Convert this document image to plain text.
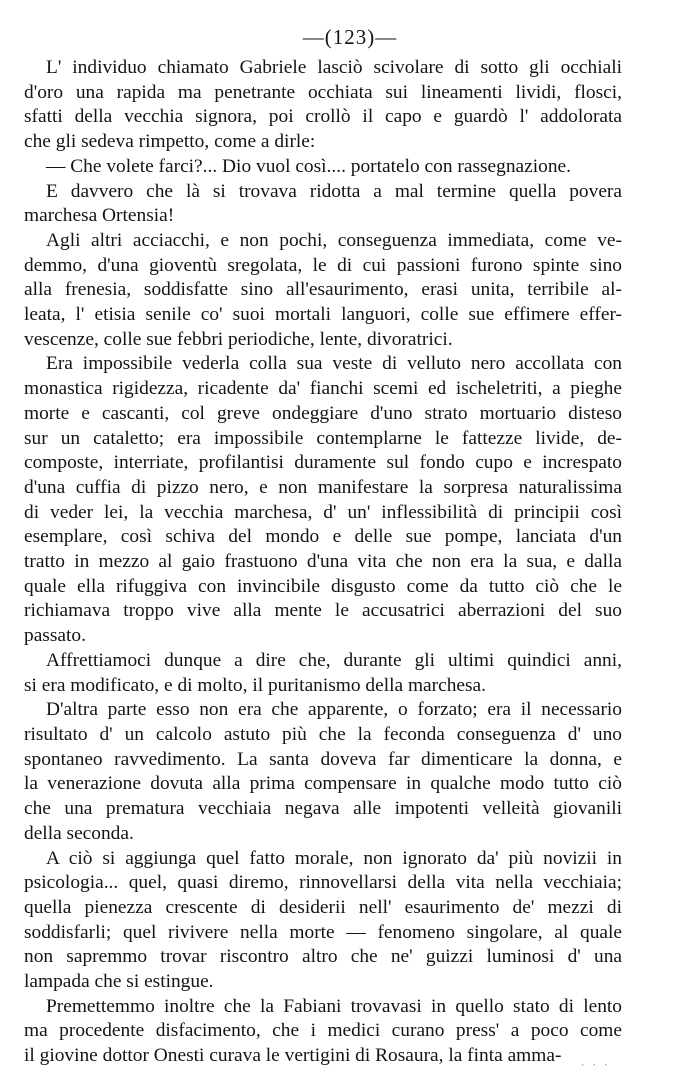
—(123)—
L' individuo chiamato Gabriele lasciò scivolare di sotto gli occhiali
d'oro una rapida ma penetrante occhiata sui lineamenti lividi, flosci,
sfatti della vecchia signora, poi crollò il capo e guardò l' addolorata
che gli sedeva rimpetto, come a dirle:
— Che volete farci?... Dio vuol così.... portatelo con rassegnazione.
E davvero che là si trovava ridotta a mal termine quella povera
marchesa Ortensia!
Agli altri acciacchi, e non pochi, conseguenza immediata, come ve-
demmo, d'una gioventù sregolata, le di cui passioni furono spinte sino
alla frenesia, soddisfatte sino all'esaurimento, erasi unita, terribile al-
leata, l' etisia senile co' suoi mortali languori, colle sue effimere effer-
vescenze, colle sue febbri periodiche, lente, divoratrici.
Era impossibile vederla colla sua veste di velluto nero accollata con
monastica rigidezza, ricadente da' fianchi scemi ed ischeletriti, a pieghe
morte e cascanti, col greve ondeggiare d'uno strato mortuario disteso
sur un cataletto; era impossibile contemplarne le fattezze livide, de-
composte, interriate, profilantisi duramente sul fondo cupo e increspato
d'una cuffia di pizzo nero, e non manifestare la sorpresa naturalissima
di veder lei, la vecchia marchesa, d' un' inflessibilità di principii così
esemplare, così schiva del mondo e delle sue pompe, lanciata d'un
tratto in mezzo al gaio frastuono d'una vita che non era la sua, e dalla
quale ella rifuggiva con invincibile disgusto come da tutto ciò che le
richiamava troppo vive alla mente le accusatrici aberrazioni del suo
passato.
Affrettiamoci dunque a dire che, durante gli ultimi quindici anni,
si era modificato, e di molto, il puritanismo della marchesa.
D'altra parte esso non era che apparente, o forzato; era il necessario
risultato d' un calcolo astuto più che la feconda conseguenza d' uno
spontaneo ravvedimento. La santa doveva far dimenticare la donna, e
la venerazione dovuta alla prima compensare in qualche modo tutto ciò
che una prematura vecchiaia negava alle impotenti velleità giovanili
della seconda.
A ciò si aggiunga quel fatto morale, non ignorato da' più novizii in
psicologia... quel, quasi diremo, rinnovellarsi della vita nella vecchiaia;
quella pienezza crescente di desiderii nell' esaurimento de' mezzi di
soddisfarli; quel rivivere nella morte — fenomeno singolare, al quale
non sapremmo trovar riscontro altro che ne' guizzi luminosi d' una
lampada che si estingue.
Premettemmo inoltre che la Fabiani trovavasi in quello stato di lento
ma procedente disfacimento, che i medici curano press' a poco come
il giovine dottor Onesti curava le vertigini di Rosaura, la finta amma-	· · ·
